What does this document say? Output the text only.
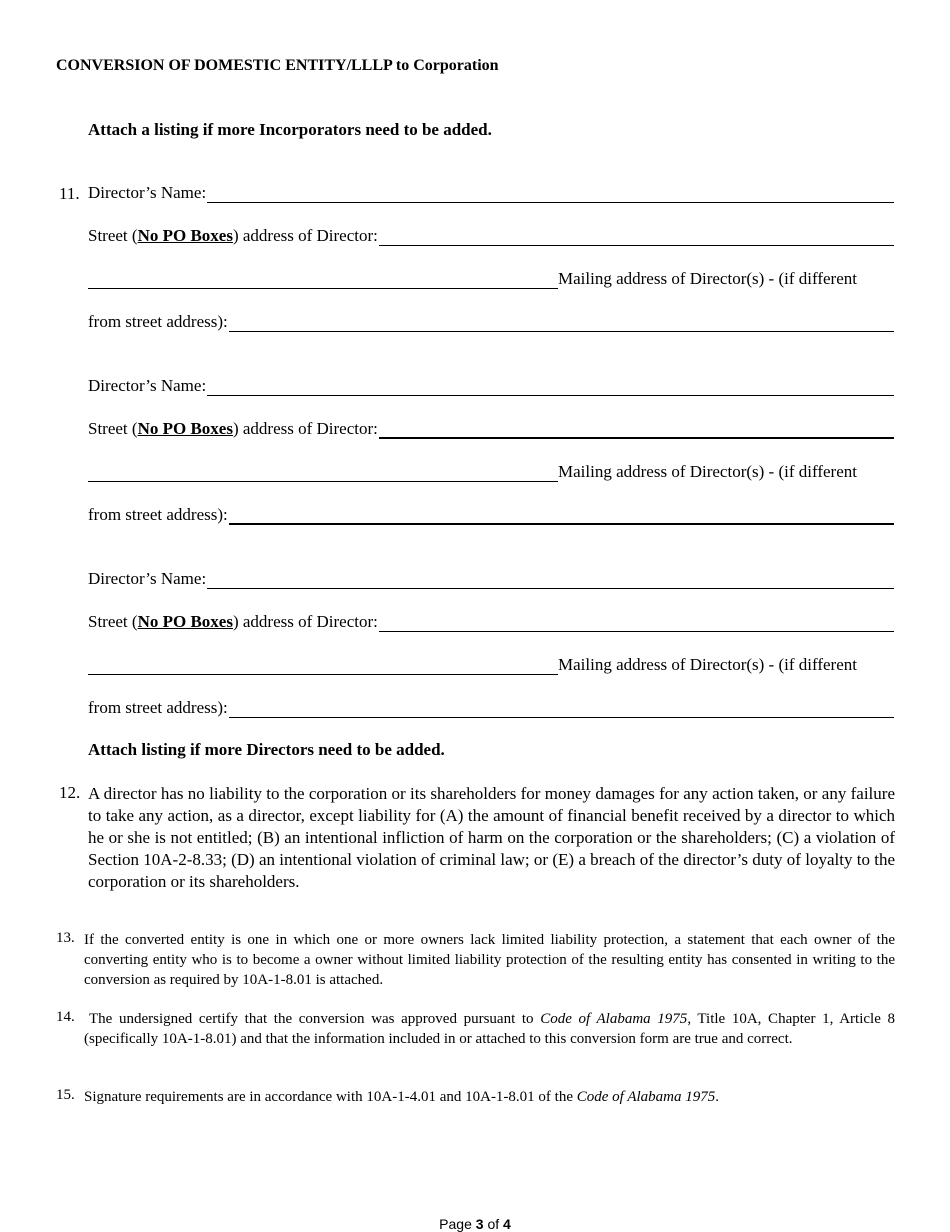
CONVERSION OF DOMESTIC ENTITY/LLLP to Corporation
Attach a listing if more Incorporators need to be added.
11. Director’s Name:
Street (No PO Boxes) address of Director:
Mailing address of Director(s) - (if different
from street address):
Director’s Name:
Street (No PO Boxes) address of Director:
Mailing address of Director(s) - (if different
from street address):
Director’s Name:
Street (No PO Boxes) address of Director:
Mailing address of Director(s) - (if different
from street address):
Attach listing if more Directors need to be added.
12. A director has no liability to the corporation or its shareholders for money damages for any action taken, or any failure to take any action, as a director, except liability for (A) the amount of financial benefit received by a director to which he or she is not entitled; (B) an intentional infliction of harm on the corporation or the shareholders; (C) a violation of Section 10A-2-8.33; (D) an intentional violation of criminal law; or (E) a breach of the director’s duty of loyalty to the corporation or its shareholders.
13. If the converted entity is one in which one or more owners lack limited liability protection, a statement that each owner of the converting entity who is to become a owner without limited liability protection of the resulting entity has consented in writing to the conversion as required by 10A-1-8.01 is attached.
14. The undersigned certify that the conversion was approved pursuant to Code of Alabama 1975, Title 10A, Chapter 1, Article 8 (specifically 10A-1-8.01) and that the information included in or attached to this conversion form are true and correct.
15. Signature requirements are in accordance with 10A-1-4.01 and 10A-1-8.01 of the Code of Alabama 1975.
Page 3 of 4
